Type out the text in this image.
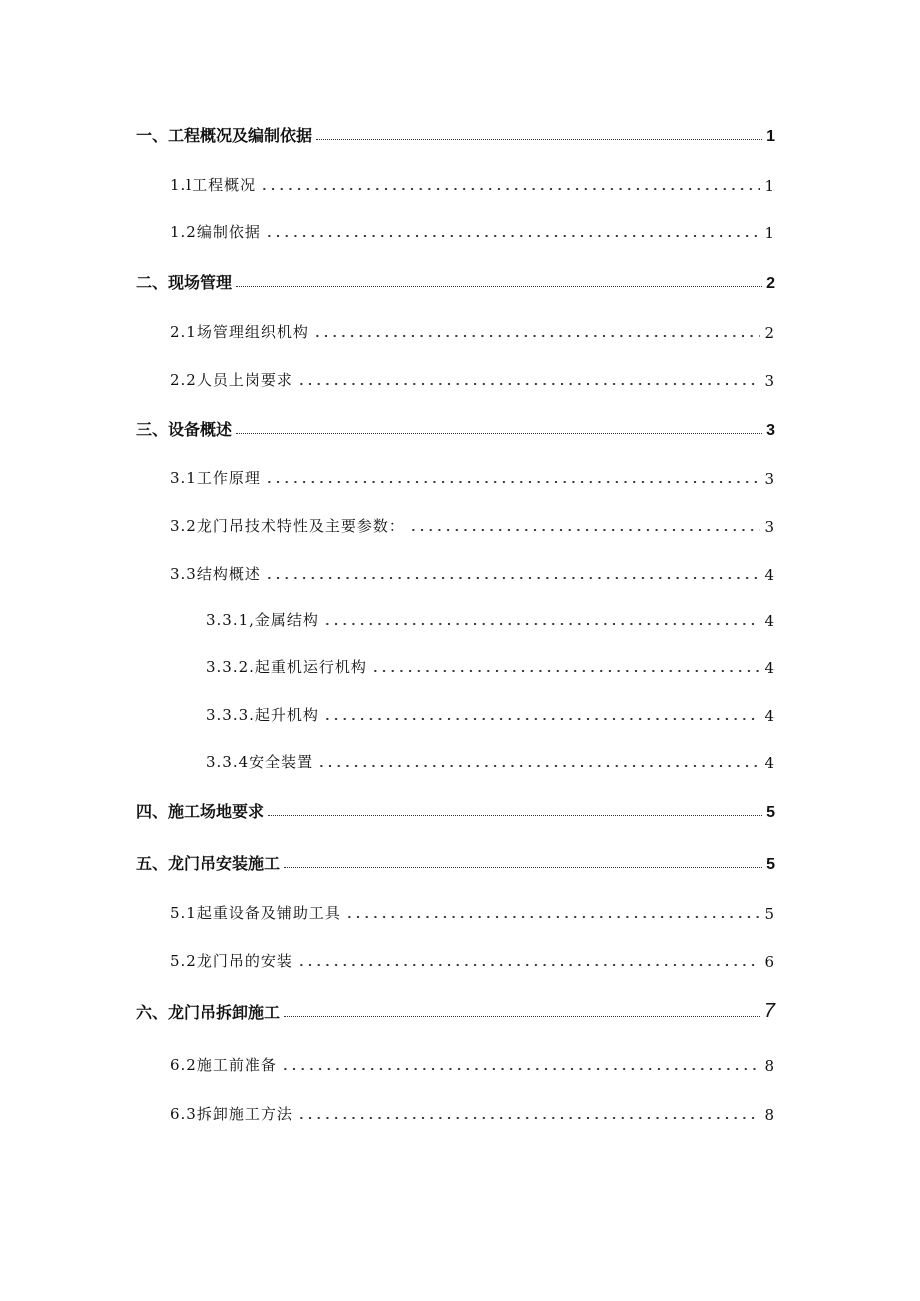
一、工程概况及编制依据	1
1.l工程概况	1
1.2编制依据	1
二、现场管理	2
2.1场管理组织机构	2
2.2人员上岗要求	3
三、设备概述	3
3.1工作原理	3
3.2龙门吊技术特性及主要参数：	3
3.3结构概述	4
3.3.1,金属结构	4
3.3.2.起重机运行机构	4
3.3.3.起升机构	4
3.3.4安全装置	4
四、施工场地要求	5
五、龙门吊安装施工	5
5.1起重设备及铺助工具	5
5.2龙门吊的安装	6
六、龙门吊拆卸施工	7
6.2施工前准备	8
6.3拆卸施工方法	8
